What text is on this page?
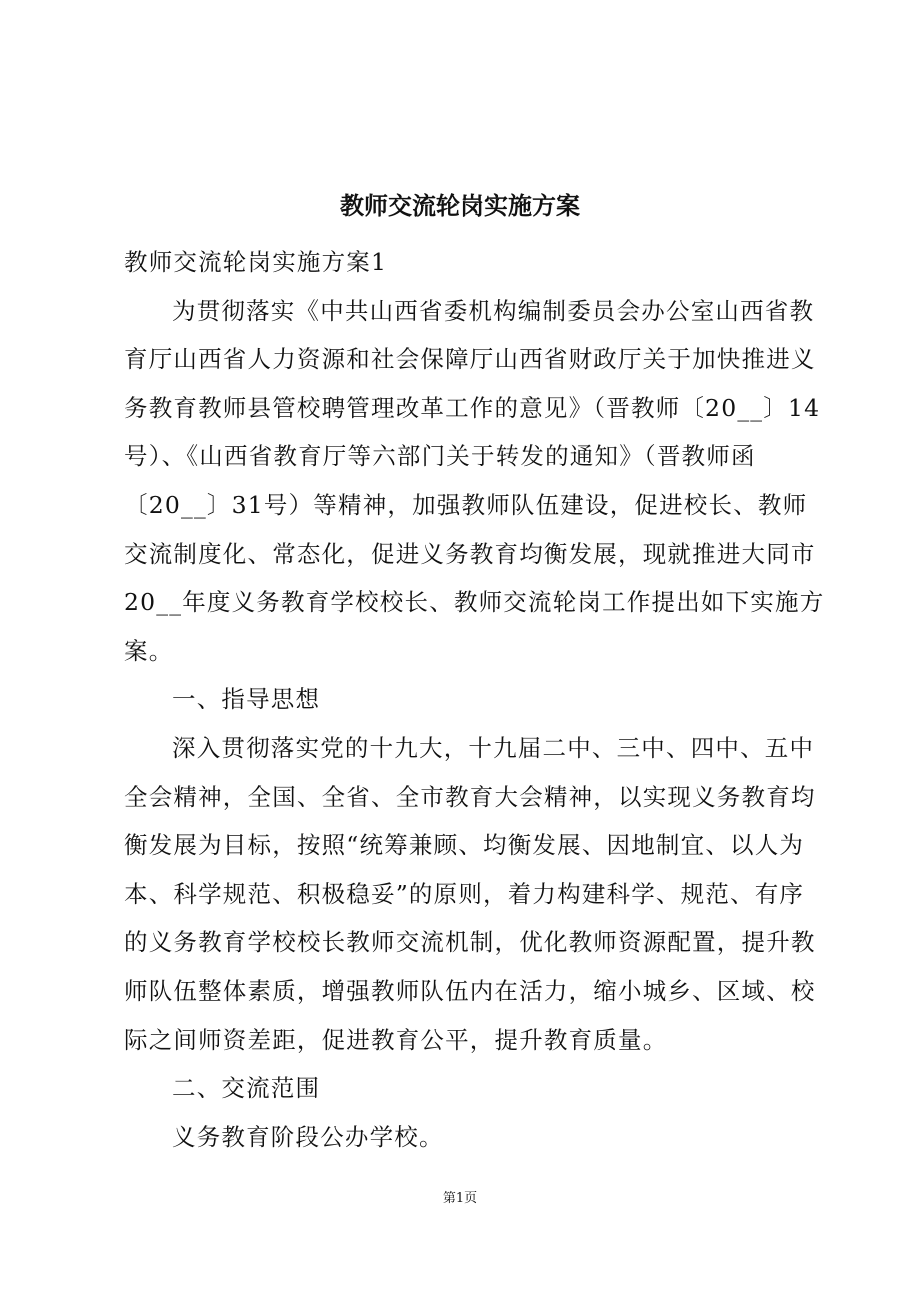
教师交流轮岗实施方案
教师交流轮岗实施方案1
为贯彻落实《中共山西省委机构编制委员会办公室山西省教
育厅山西省人力资源和社会保障厅山西省财政厅关于加快推进义
务教育教师县管校聘管理改革工作的意见》（晋教师〔20__〕14
号）、《山西省教育厅等六部门关于转发的通知》（晋教师函
〔20__〕31号）等精神，加强教师队伍建设，促进校长、教师
交流制度化、常态化，促进义务教育均衡发展，现就推进大同市
20__年度义务教育学校校长、教师交流轮岗工作提出如下实施方
案。
一、指导思想
深入贯彻落实党的十九大，十九届二中、三中、四中、五中
全会精神，全国、全省、全市教育大会精神，以实现义务教育均
衡发展为目标，按照“统筹兼顾、均衡发展、因地制宜、以人为
本、科学规范、积极稳妥”的原则，着力构建科学、规范、有序
的义务教育学校校长教师交流机制，优化教师资源配置，提升教
师队伍整体素质，增强教师队伍内在活力，缩小城乡、区域、校
际之间师资差距，促进教育公平，提升教育质量。
二、交流范围
义务教育阶段公办学校。
第1页
